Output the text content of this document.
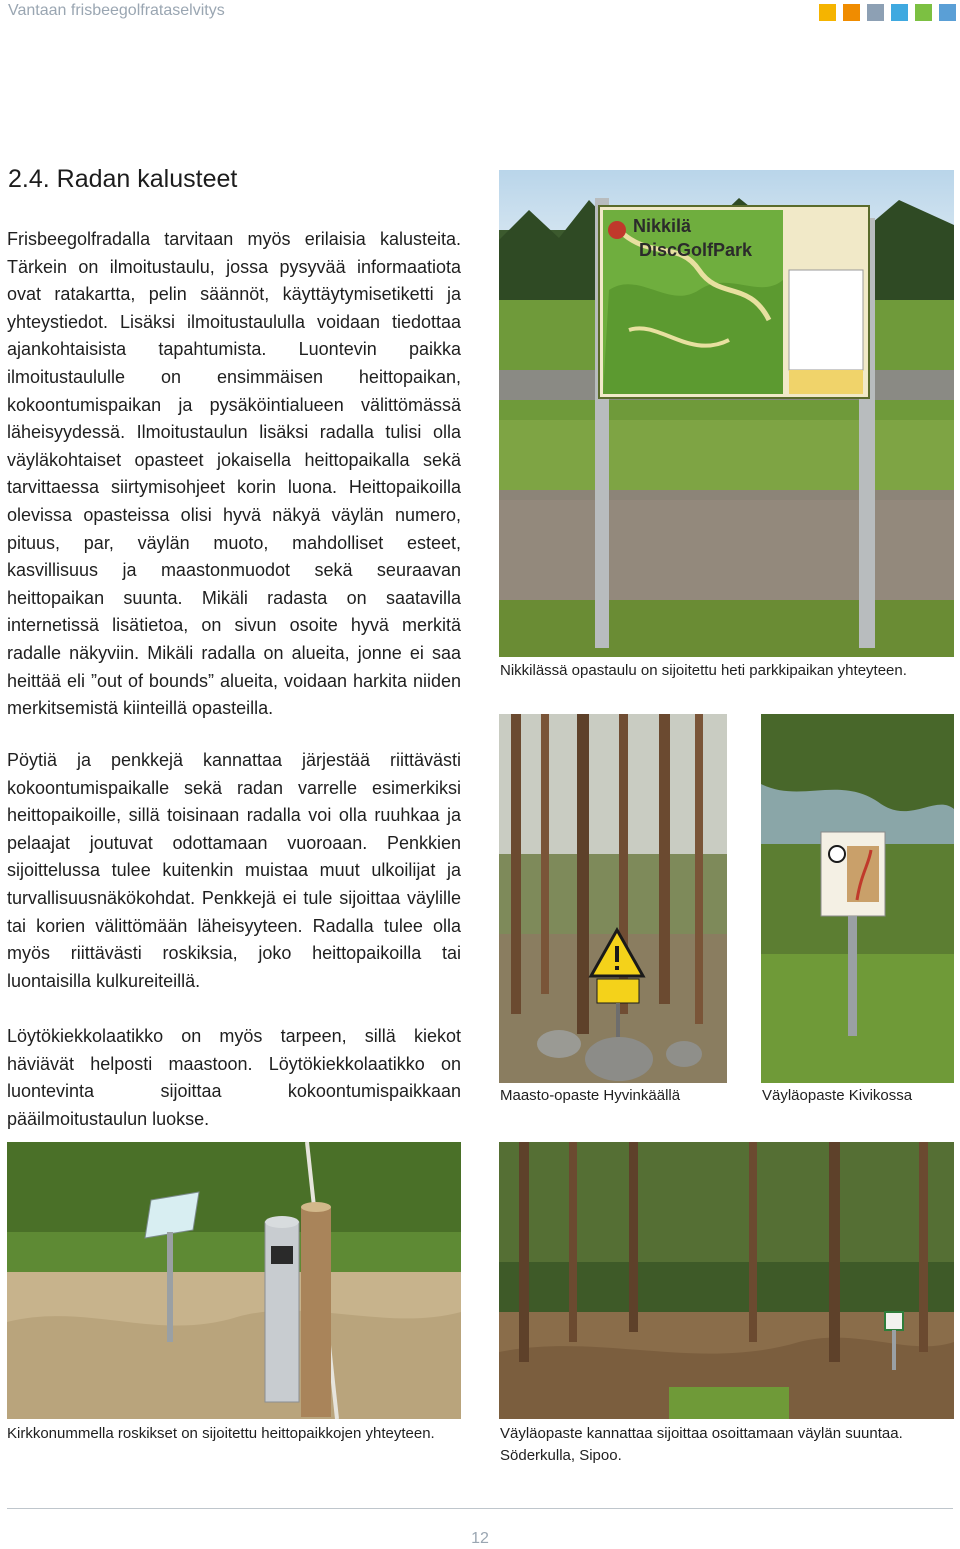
Vantaan frisbeegolfrataselvitys
2.4. Radan kalusteet

Frisbeegolfradalla tarvitaan myös erilaisia kalusteita. Tärkein on ilmoitustaulu, jossa pysyvää informaatiota ovat ratakartta, pelin säännöt, käyttäytymisetiketti ja yhteystiedot. Lisäksi ilmoitustaululla voidaan tiedottaa ajankohtaisista tapahtumista. Luontevin paikka ilmoitustaululle on ensimmäisen heittopaikan, kokoontumispaikan ja pysäköintialueen välittömässä läheisyydessä. Ilmoitustaulun lisäksi radalla tulisi olla väyläkohtaiset opasteet jokaisella heittopaikalla sekä tarvittaessa siirtymisohjeet korin luona. Heittopaikoilla olevissa opasteissa olisi hyvä näkyä väylän numero, pituus, par, väylän muoto, mahdolliset esteet, kasvillisuus ja maastonmuodot sekä seuraavan heittopaikan suunta. Mikäli radasta on saatavilla internetissä lisätietoa, on sivun osoite hyvä merkitä radalle näkyviin. Mikäli radalla on alueita, jonne ei saa heittää eli ”out of bounds” alueita, voidaan harkita niiden merkitsemistä kiinteillä opasteilla.

Pöytiä ja penkkejä kannattaa järjestää riittävästi kokoontumispaikalle sekä radan varrelle esimerkiksi heittopaikoille, sillä toisinaan radalla voi olla ruuhkaa ja pelaajat joutuvat odottamaan vuoroaan. Penkkien sijoittelussa tulee kuitenkin muistaa muut ulkoilijat ja turvallisuusnäkökohdat. Penkkejä ei tule sijoittaa väylille tai korien välittömään läheisyyteen. Radalla tulee olla myös riittävästi roskiksia, joko heittopaikoilla tai luontaisilla kulkureiteillä.

Löytökiekkolaatikko on myös tarpeen, sillä kiekot häviävät helposti maastoon. Löytökiekkolaatikko on luontevinta sijoittaa kokoontumispaikkaan pääilmoitustaulun luokse.

Nikkilä
DiscGolfPark
Nikkilässä opastaulu on sijoitettu heti parkkipaikan yhteyteen.
Maasto-opaste Hyvinkäällä	Väyläopaste Kivikossa
Kirkkonummella roskikset on sijoitettu heittopaikkojen yhteyteen.	Väyläopaste kannattaa sijoittaa osoittamaan väylän suuntaa. Söderkulla, Sipoo.
12
